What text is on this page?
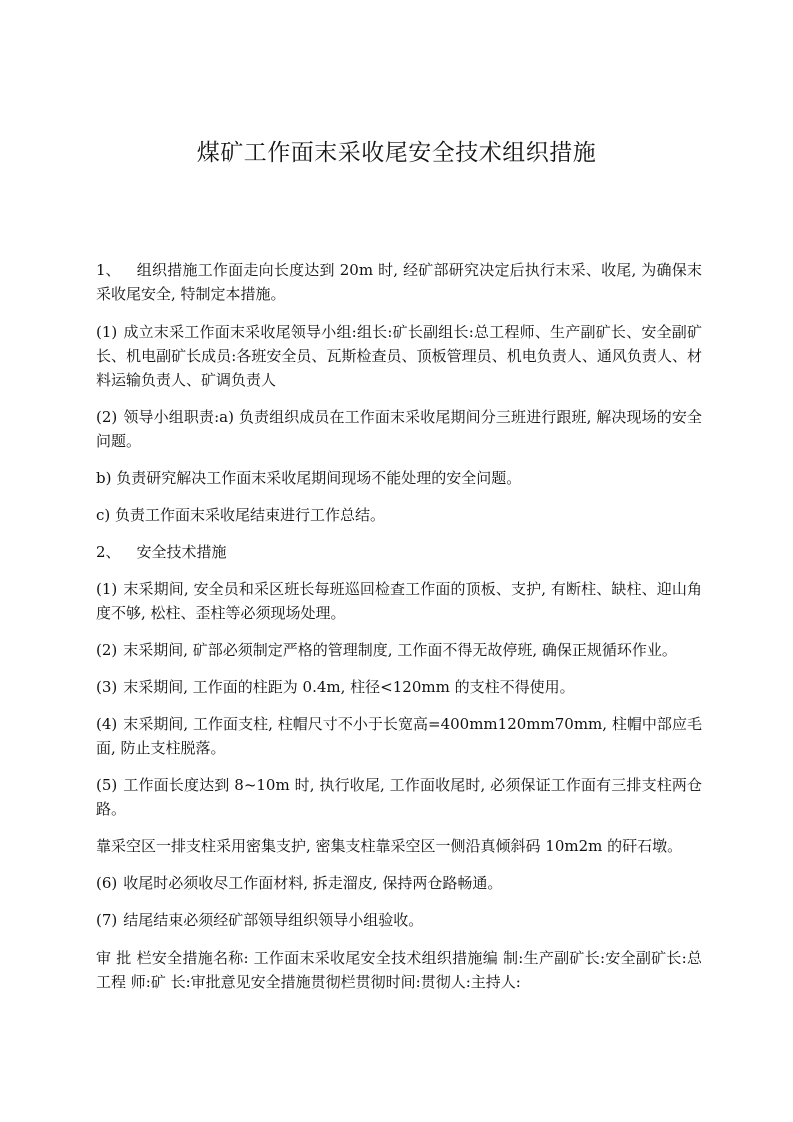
煤矿工作面末采收尾安全技术组织措施

1、 组织措施工作面走向长度达到 20m 时, 经矿部研究决定后执行末采、收尾, 为确保末采收尾安全, 特制定本措施。

(1) 成立末采工作面末采收尾领导小组:组长:矿长副组长:总工程师、生产副矿长、安全副矿长、机电副矿长成员:各班安全员、瓦斯检查员、顶板管理员、机电负责人、通风负责人、材料运输负责人、矿调负责人

(2) 领导小组职责:a) 负责组织成员在工作面末采收尾期间分三班进行跟班, 解决现场的安全问题。

b) 负责研究解决工作面末采收尾期间现场不能处理的安全问题。

c) 负责工作面末采收尾结束进行工作总结。

2、 安全技术措施

(1) 末采期间, 安全员和采区班长每班巡回检查工作面的顶板、支护, 有断柱、缺柱、迎山角度不够, 松柱、歪柱等必须现场处理。

(2) 末采期间, 矿部必须制定严格的管理制度, 工作面不得无故停班, 确保正规循环作业。

(3) 末采期间, 工作面的柱距为 0.4m, 柱径<120mm 的支柱不得使用。

(4) 末采期间, 工作面支柱, 柱帽尺寸不小于长宽高=400mm120mm70mm, 柱帽中部应毛面, 防止支柱脱落。

(5) 工作面长度达到 8~10m 时, 执行收尾, 工作面收尾时, 必须保证工作面有三排支柱两仓路。

靠采空区一排支柱采用密集支护, 密集支柱靠采空区一侧沿真倾斜码 10m2m 的矸石墩。

(6) 收尾时必须收尽工作面材料, 拆走溜皮, 保持两仓路畅通。

(7) 结尾结束必须经矿部领导组织领导小组验收。

审 批 栏安全措施名称: 工作面末采收尾安全技术组织措施编 制:生产副矿长:安全副矿长:总工程 师:矿 长:审批意见安全措施贯彻栏贯彻时间:贯彻人:主持人:
